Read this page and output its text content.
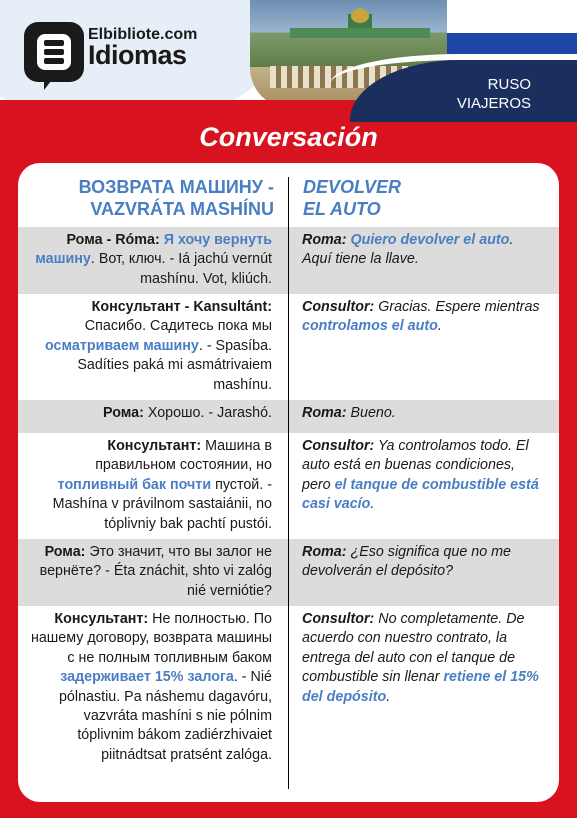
Elbibliote.com
Idiomas
RUSO
VIAJEROS
Conversación
ВОЗВРАТА МАШИНУ -
VAZVRÁTA MASHÍNU
DEVOLVER
EL AUTO
Рома - Róma: Я хочу вернуть машину. Вот, ключ. - Iá jachú vernút mashínu. Vot, kliúch.
Roma: Quiero devolver el auto. Aquí tiene la llave.
Консультант - Kansultánt: Спасибо. Садитесь пока мы осматриваем машину. - Spasíba. Sadíties paká mi asmátrivaiem mashínu.
Consultor: Gracias. Espere mientras controlamos el auto.
Рома: Хорошо. - Jarashó. Roma: Bueno.
Консультант: Машина в правильном состоянии, но топливный бак почти пустой. - Mashína v právilnom sastaiánii, no tóplivniy bak pachtí pustói.
Consultor: Ya controlamos todo. El auto está en buenas condiciones, pero el tanque de combustible está casi vacío.
Рома: Это значит, что вы залог не вернёте? - Éta znáchit, shto vi zalóg nié verniótie?
Roma: ¿Eso significa que no me devolverán el depósito?
Консультант: Не полностью. По нашему договору, возврата машины с не полным топливным баком задерживает 15% залога. - Nié pólnastiu. Pa náshemu dagavóru, vazvráta mashíni s nie pólnim tóplivnim bákom zadiérzhivaiet piitnádtsat pratsént zalóga.
Consultor: No completamente. De acuerdo con nuestro contrato, la entrega del auto con el tanque de combustible sin llenar retiene el 15% del depósito.
